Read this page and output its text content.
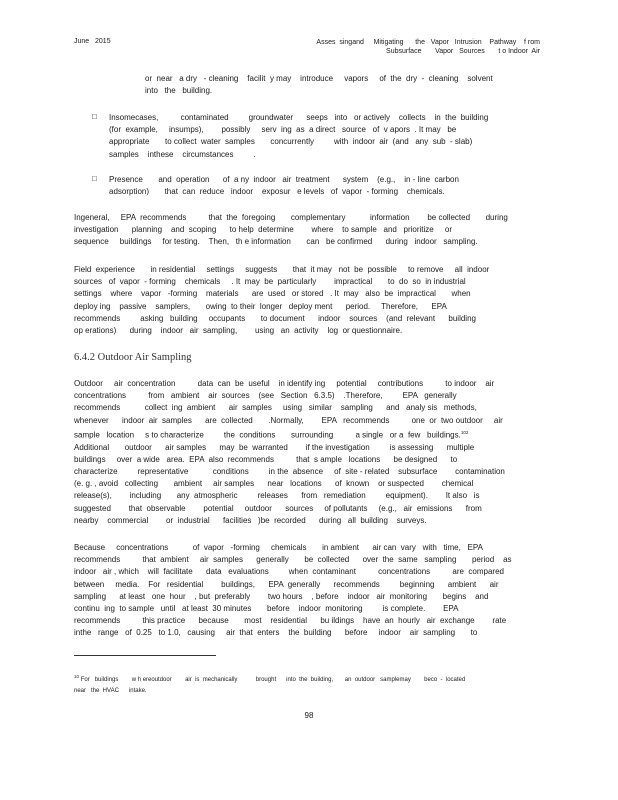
June   2015	Asses  singand     Mitigating      the   Vapor   Intrusion    Pathway    f rom
Subsurface       Vapor   Sources       t o Indoor  Air
or  near   a dry   - cleaning    facilit  y may    introduce     vapors     of  the  dry  -  cleaning    solvent
into   the   building.
□ Insomecases,          contaminated         groundwater      seeps   into   or actively    collects    in  the  building
(for  example,     insumps),        possibly     serv  ing  as  a direct   source   of  v apors  . It may   be
appropriate       to collect  water  samples       concurrently         with  indoor  air  (and   any  sub  - slab)
samples    inthese    circumstances         .
□ Presence       and  operation      of  a ny  indoor   air  treatment      system    (e.g.,    in - line  carbon
adsorption)       that  can  reduce   indoor    exposur   e levels   of  vapor  - forming    chemicals.
Ingeneral,     EPA  recommends          that  the  foregoing       complementary           information        be collected       during
investigation      planning    and  scoping      to help  determine        where    to sample   and   prioritize     or
sequence     buildings     for testing.    Then,   th e information       can   be confirmed      during   indoor   sampling.
Field  experience       in residential     settings     suggests       that  it may   not  be  possible     to remove     all  indoor
sources   of  vapor  - forming    chemicals     . It  may  be  particularly        impractical       to  do  so  in industrial
settings    where    vapor   -forming    materials      are  used   or stored   . It  may   also  be  impractical       when
deploy ing    passive    samplers,       owing  to their  longer   deploy ment      period.     Therefore,      EPA
recommends         asking   building     occupants       to document      indoor    sources    (and  relevant      building
op erations)      during    indoor   air  sampling,        using   an  activity    log  or questionnaire.
6.4.2 Outdoor Air Sampling
Outdoor     air  concentration          data  can  be  useful    in identify ing     potential     contributions          to indoor    air
concentrations          from   ambient    air  sources    (see   Section   6.3.5)    .Therefore,         EPA   generally
recommends           collect  ing  ambient      air  samples     using   similar    sampling      and   analy sis   methods,
whenever      indoor  air  samples      are  collected       .Normally,        EPA   recommends          one  or  two outdoor     air
sample   location     s to characterize         the  conditions       surrounding          a single   or a  few   buildings.$^{102}$
Additional       outdoor      air samples      may  be  warranted        if the investigation         is assessing      multiple
buildings     over  a wide   area.  EPA  also  recommends          that  s ample   locations      be designed      to
characterize         representative           conditions         in the  absence     of  site - related    subsurface        contamination
(e. g. , avoid   collecting       ambient     air samples      near   locations      of  known    or suspected        chemical
release(s),        including       any  atmospheric         releases      from   remediation         equipment).        It also   is
suggested        that  observable        potential     outdoor      sources     of pollutants     (e.g.,   air  emissions      from
nearby    commercial        or  industrial      facilities   )be  recorded      during   all  building    surveys.
Because     concentrations           of  vapor   -forming     chemicals       in ambient      air can  vary   with   time,   EPA
recommends          that  ambient     air  samples      generally       be  collected      over  the  same   sampling       period    as
indoor   air , which    will  facilitate      data   evaluations         when  contaminant          concentrations          are  compared
between     media.    For   residential        buildings,      EPA  generally      recommends         beginning      ambient      air
sampling      at least   one  hour    , but  preferably        two hours    , before    indoor   air  monitoring       begins    and
continu  ing  to sample   until   at least  30 minutes       before    indoor  monitoring         is complete.        EPA
recommends          this practice      because       most    residential      bu ildings    have  an  hourly   air  exchange        rate
inthe   range   of  0.25   to 1.0,   causing     air  that  enters    the  building      before     indoor    air  sampling       to
$^{10}$ For   buildings        w h ereoutdoor        air  is  mechanically           brought      into  the  building,       an  outdoor   samplemay        beco  -  located
near   the  HVAC      intake.
98
